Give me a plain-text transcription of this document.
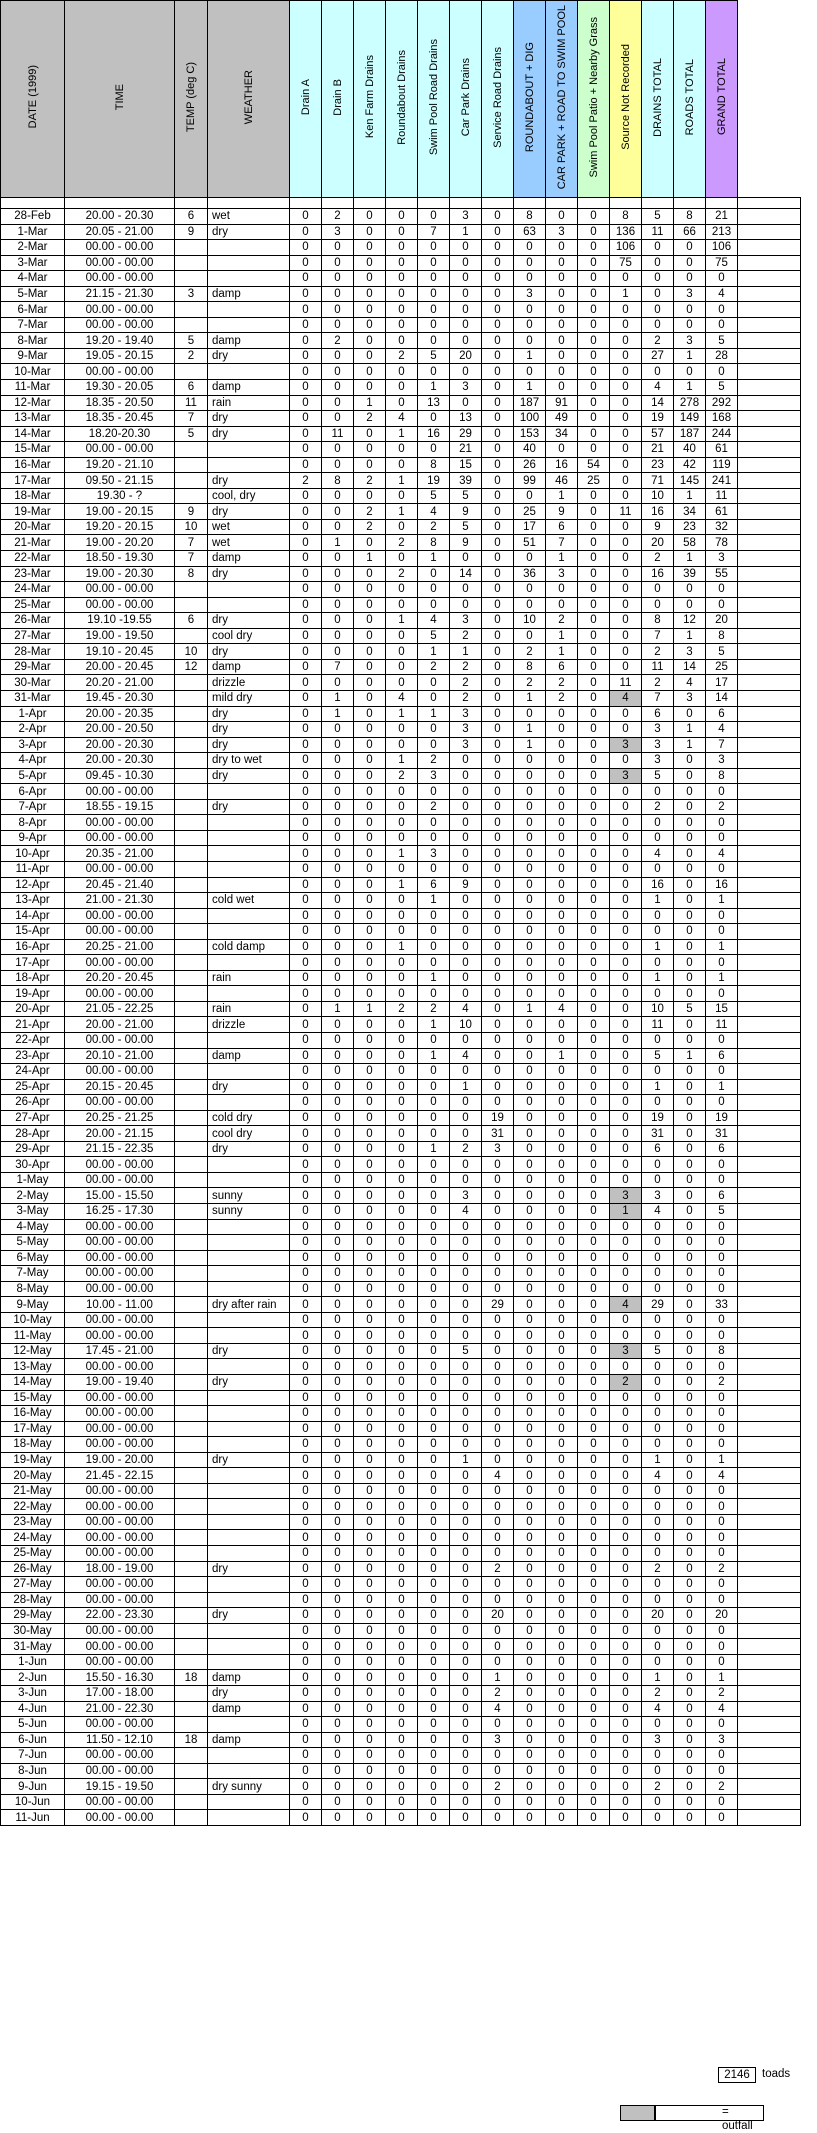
DATE (1999)	TIME	TEMP (deg C)	WEATHER	Drain A	Drain B	Ken Farm Drains	Roundabout Drains	Swim Pool Road Drains	Car Park Drains	Service Road Drains	ROUNDABOUT + DIG	CAR PARK + ROAD TO SWIM POOL	Swim Pool Patio + Nearby Grass	Source Not Recorded	DRAINS TOTAL	ROADS TOTAL	GRAND TOTAL	

28-Feb	20.00 - 20.30	6	wet	0	2	0	0	0	3	0	8	0	0	8	5	8	21	
1-Mar	20.05 - 21.00	9	dry	0	3	0	0	7	1	0	63	3	0	136	11	66	213	
2-Mar	00.00 - 00.00			0	0	0	0	0	0	0	0	0	0	106	0	0	106	
3-Mar	00.00 - 00.00			0	0	0	0	0	0	0	0	0	0	75	0	0	75	
4-Mar	00.00 - 00.00			0	0	0	0	0	0	0	0	0	0	0	0	0	0	
5-Mar	21.15 - 21.30	3	damp	0	0	0	0	0	0	0	3	0	0	1	0	3	4	
6-Mar	00.00 - 00.00			0	0	0	0	0	0	0	0	0	0	0	0	0	0	
7-Mar	00.00 - 00.00			0	0	0	0	0	0	0	0	0	0	0	0	0	0	
8-Mar	19.20 - 19.40	5	damp	0	2	0	0	0	0	0	0	0	0	0	2	3	5	
9-Mar	19.05 - 20.15	2	dry	0	0	0	2	5	20	0	1	0	0	0	27	1	28	
10-Mar	00.00 - 00.00			0	0	0	0	0	0	0	0	0	0	0	0	0	0	
11-Mar	19.30 - 20.05	6	damp	0	0	0	0	1	3	0	1	0	0	0	4	1	5	
12-Mar	18.35 - 20.50	11	rain	0	0	1	0	13	0	0	187	91	0	0	14	278	292	
13-Mar	18.35 - 20.45	7	dry	0	0	2	4	0	13	0	100	49	0	0	19	149	168	
14-Mar	18.20-20.30	5	dry	0	11	0	1	16	29	0	153	34	0	0	57	187	244	
15-Mar	00.00 - 00.00			0	0	0	0	0	21	0	40	0	0	0	21	40	61	
16-Mar	19.20 - 21.10			0	0	0	0	8	15	0	26	16	54	0	23	42	119	
17-Mar	09.50 - 21.15		dry	2	8	2	1	19	39	0	99	46	25	0	71	145	241	
18-Mar	19.30 - ?		cool, dry	0	0	0	0	5	5	0	0	1	0	0	10	1	11	
19-Mar	19.00 - 20.15	9	dry	0	0	2	1	4	9	0	25	9	0	11	16	34	61	
20-Mar	19.20 - 20.15	10	wet	0	0	2	0	2	5	0	17	6	0	0	9	23	32	
21-Mar	19.00 - 20.20	7	wet	0	1	0	2	8	9	0	51	7	0	0	20	58	78	
22-Mar	18.50 - 19.30	7	damp	0	0	1	0	1	0	0	0	1	0	0	2	1	3	
23-Mar	19.00 - 20.30	8	dry	0	0	0	2	0	14	0	36	3	0	0	16	39	55	
24-Mar	00.00 - 00.00			0	0	0	0	0	0	0	0	0	0	0	0	0	0	
25-Mar	00.00 - 00.00			0	0	0	0	0	0	0	0	0	0	0	0	0	0	
26-Mar	19.10 -19.55	6	dry	0	0	0	1	4	3	0	10	2	0	0	8	12	20	
27-Mar	19.00 - 19.50		cool dry	0	0	0	0	5	2	0	0	1	0	0	7	1	8	
28-Mar	19.10 - 20.45	10	dry	0	0	0	0	1	1	0	2	1	0	0	2	3	5	
29-Mar	20.00 - 20.45	12	damp	0	7	0	0	2	2	0	8	6	0	0	11	14	25	
30-Mar	20.20 - 21.00		drizzle	0	0	0	0	0	2	0	2	2	0	11	2	4	17	
31-Mar	19.45 - 20.30		mild dry	0	1	0	4	0	2	0	1	2	0	4	7	3	14	
1-Apr	20.00 - 20.35		dry	0	1	0	1	1	3	0	0	0	0	0	6	0	6	
2-Apr	20.00 - 20.50		dry	0	0	0	0	0	3	0	1	0	0	0	3	1	4	
3-Apr	20.00 - 20.30		dry	0	0	0	0	0	3	0	1	0	0	3	3	1	7	
4-Apr	20.00 - 20.30		dry to wet	0	0	0	1	2	0	0	0	0	0	0	3	0	3	
5-Apr	09.45 - 10.30		dry	0	0	0	2	3	0	0	0	0	0	3	5	0	8	
6-Apr	00.00 - 00.00			0	0	0	0	0	0	0	0	0	0	0	0	0	0	
7-Apr	18.55 - 19.15		dry	0	0	0	0	2	0	0	0	0	0	0	2	0	2	
8-Apr	00.00 - 00.00			0	0	0	0	0	0	0	0	0	0	0	0	0	0	
9-Apr	00.00 - 00.00			0	0	0	0	0	0	0	0	0	0	0	0	0	0	
10-Apr	20.35 - 21.00			0	0	0	1	3	0	0	0	0	0	0	4	0	4	
11-Apr	00.00 - 00.00			0	0	0	0	0	0	0	0	0	0	0	0	0	0	
12-Apr	20.45 - 21.40			0	0	0	1	6	9	0	0	0	0	0	16	0	16	
13-Apr	21.00 - 21.30		cold wet	0	0	0	0	1	0	0	0	0	0	0	1	0	1	
14-Apr	00.00 - 00.00			0	0	0	0	0	0	0	0	0	0	0	0	0	0	
15-Apr	00.00 - 00.00			0	0	0	0	0	0	0	0	0	0	0	0	0	0	
16-Apr	20.25 - 21.00		cold damp	0	0	0	1	0	0	0	0	0	0	0	1	0	1	
17-Apr	00.00 - 00.00			0	0	0	0	0	0	0	0	0	0	0	0	0	0	
18-Apr	20.20 - 20.45		rain	0	0	0	0	1	0	0	0	0	0	0	1	0	1	
19-Apr	00.00 - 00.00			0	0	0	0	0	0	0	0	0	0	0	0	0	0	
20-Apr	21.05 - 22.25		rain	0	1	1	2	2	4	0	1	4	0	0	10	5	15	
21-Apr	20.00 - 21.00		drizzle	0	0	0	0	1	10	0	0	0	0	0	11	0	11	
22-Apr	00.00 - 00.00			0	0	0	0	0	0	0	0	0	0	0	0	0	0	
23-Apr	20.10 - 21.00		damp	0	0	0	0	1	4	0	0	1	0	0	5	1	6	
24-Apr	00.00 - 00.00			0	0	0	0	0	0	0	0	0	0	0	0	0	0	
25-Apr	20.15 - 20.45		dry	0	0	0	0	0	1	0	0	0	0	0	1	0	1	
26-Apr	00.00 - 00.00			0	0	0	0	0	0	0	0	0	0	0	0	0	0	
27-Apr	20.25 - 21.25		cold dry	0	0	0	0	0	0	19	0	0	0	0	19	0	19	
28-Apr	20.00 - 21.15		cool dry	0	0	0	0	0	0	31	0	0	0	0	31	0	31	
29-Apr	21.15 - 22.35		dry	0	0	0	0	1	2	3	0	0	0	0	6	0	6	
30-Apr	00.00 - 00.00			0	0	0	0	0	0	0	0	0	0	0	0	0	0	
1-May	00.00 - 00.00			0	0	0	0	0	0	0	0	0	0	0	0	0	0	
2-May	15.00 - 15.50		sunny	0	0	0	0	0	3	0	0	0	0	3	3	0	6	
3-May	16.25 - 17.30		sunny	0	0	0	0	0	4	0	0	0	0	1	4	0	5	
4-May	00.00 - 00.00			0	0	0	0	0	0	0	0	0	0	0	0	0	0	
5-May	00.00 - 00.00			0	0	0	0	0	0	0	0	0	0	0	0	0	0	
6-May	00.00 - 00.00			0	0	0	0	0	0	0	0	0	0	0	0	0	0	
7-May	00.00 - 00.00			0	0	0	0	0	0	0	0	0	0	0	0	0	0	
8-May	00.00 - 00.00			0	0	0	0	0	0	0	0	0	0	0	0	0	0	
9-May	10.00 - 11.00		dry after rain	0	0	0	0	0	0	29	0	0	0	4	29	0	33	
10-May	00.00 - 00.00			0	0	0	0	0	0	0	0	0	0	0	0	0	0	
11-May	00.00 - 00.00			0	0	0	0	0	0	0	0	0	0	0	0	0	0	
12-May	17.45 - 21.00		dry	0	0	0	0	0	5	0	0	0	0	3	5	0	8	
13-May	00.00 - 00.00			0	0	0	0	0	0	0	0	0	0	0	0	0	0	
14-May	19.00 - 19.40		dry	0	0	0	0	0	0	0	0	0	0	2	0	0	2	
15-May	00.00 - 00.00			0	0	0	0	0	0	0	0	0	0	0	0	0	0	
16-May	00.00 - 00.00			0	0	0	0	0	0	0	0	0	0	0	0	0	0	
17-May	00.00 - 00.00			0	0	0	0	0	0	0	0	0	0	0	0	0	0	
18-May	00.00 - 00.00			0	0	0	0	0	0	0	0	0	0	0	0	0	0	
19-May	19.00 - 20.00		dry	0	0	0	0	0	1	0	0	0	0	0	1	0	1	
20-May	21.45 - 22.15			0	0	0	0	0	0	4	0	0	0	0	4	0	4	
21-May	00.00 - 00.00			0	0	0	0	0	0	0	0	0	0	0	0	0	0	
22-May	00.00 - 00.00			0	0	0	0	0	0	0	0	0	0	0	0	0	0	
23-May	00.00 - 00.00			0	0	0	0	0	0	0	0	0	0	0	0	0	0	
24-May	00.00 - 00.00			0	0	0	0	0	0	0	0	0	0	0	0	0	0	
25-May	00.00 - 00.00			0	0	0	0	0	0	0	0	0	0	0	0	0	0	
26-May	18.00 - 19.00		dry	0	0	0	0	0	0	2	0	0	0	0	2	0	2	
27-May	00.00 - 00.00			0	0	0	0	0	0	0	0	0	0	0	0	0	0	
28-May	00.00 - 00.00			0	0	0	0	0	0	0	0	0	0	0	0	0	0	
29-May	22.00 - 23.30		dry	0	0	0	0	0	0	20	0	0	0	0	20	0	20	
30-May	00.00 - 00.00			0	0	0	0	0	0	0	0	0	0	0	0	0	0	
31-May	00.00 - 00.00			0	0	0	0	0	0	0	0	0	0	0	0	0	0	
1-Jun	00.00 - 00.00			0	0	0	0	0	0	0	0	0	0	0	0	0	0	
2-Jun	15.50 - 16.30	18	damp	0	0	0	0	0	0	1	0	0	0	0	1	0	1	
3-Jun	17.00 - 18.00		dry	0	0	0	0	0	0	2	0	0	0	0	2	0	2	
4-Jun	21.00 - 22.30		damp	0	0	0	0	0	0	4	0	0	0	0	4	0	4	
5-Jun	00.00 - 00.00			0	0	0	0	0	0	0	0	0	0	0	0	0	0	
6-Jun	11.50 - 12.10	18	damp	0	0	0	0	0	0	3	0	0	0	0	3	0	3	
7-Jun	00.00 - 00.00			0	0	0	0	0	0	0	0	0	0	0	0	0	0	
8-Jun	00.00 - 00.00			0	0	0	0	0	0	0	0	0	0	0	0	0	0	
9-Jun	19.15 - 19.50		dry sunny	0	0	0	0	0	0	2	0	0	0	0	2	0	2	
10-Jun	00.00 - 00.00			0	0	0	0	0	0	0	0	0	0	0	0	0	0	
11-Jun	00.00 - 00.00			0	0	0	0	0	0	0	0	0	0	0	0	0	0	
2146	toads
= outfall
